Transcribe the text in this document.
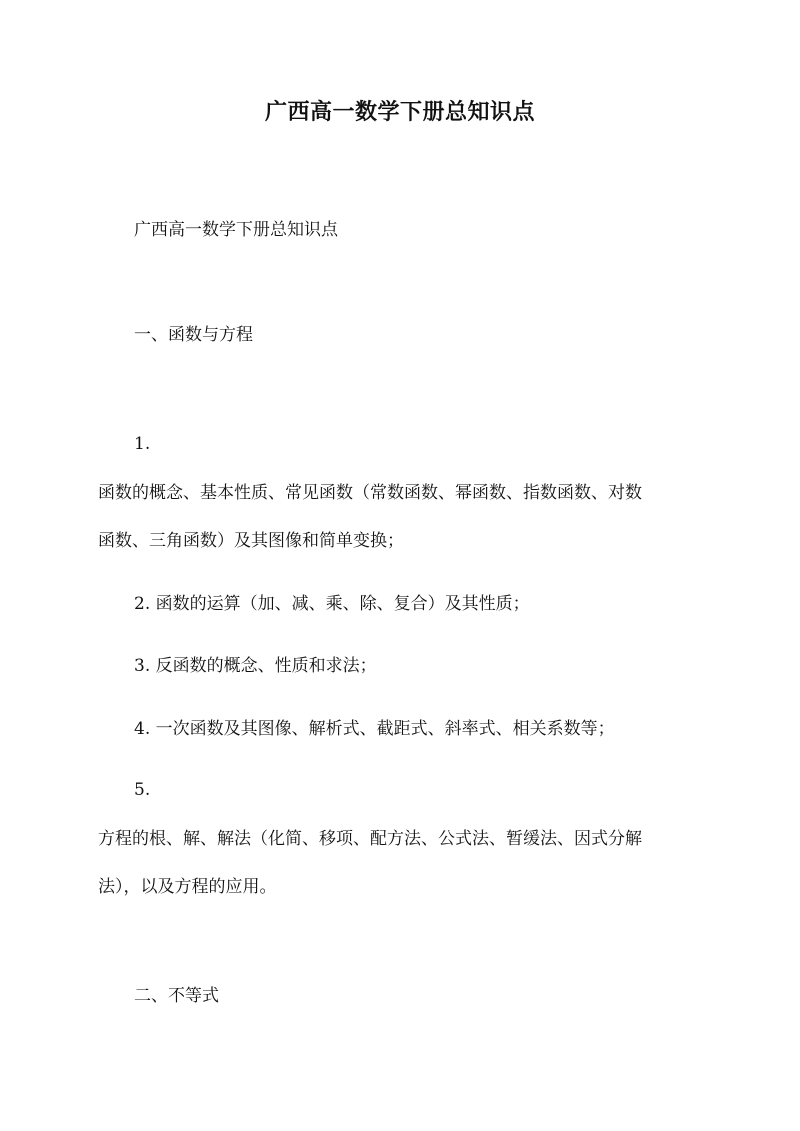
广西高一数学下册总知识点
广西高一数学下册总知识点
一、函数与方程
1.
函数的概念、基本性质、常见函数（常数函数、幂函数、指数函数、对数
函数、三角函数）及其图像和简单变换；
2. 函数的运算（加、减、乘、除、复合）及其性质；
3. 反函数的概念、性质和求法；
4. 一次函数及其图像、解析式、截距式、斜率式、相关系数等；
5.
方程的根、解、解法（化简、移项、配方法、公式法、暂缓法、因式分解
法），以及方程的应用。
二、不等式
